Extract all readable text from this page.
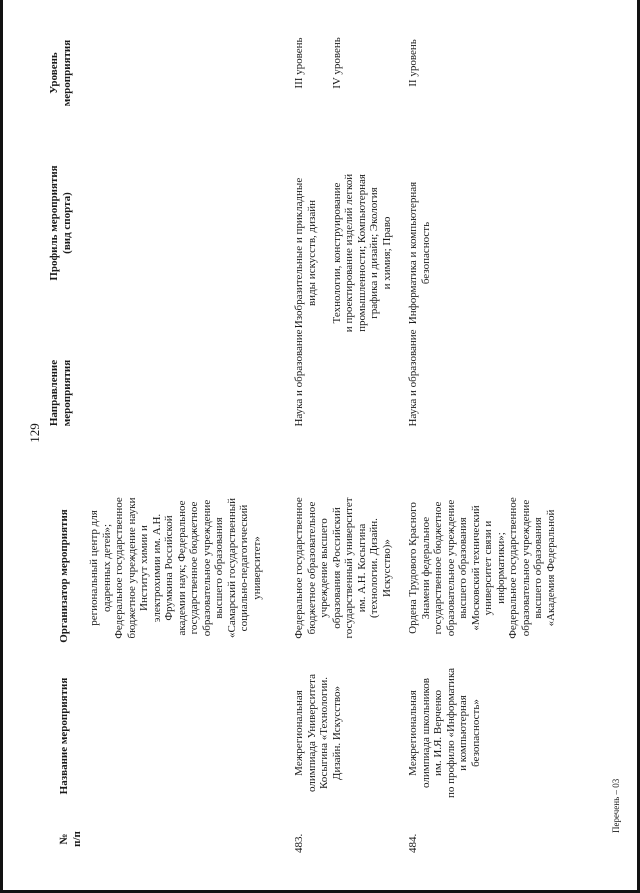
129
№
п/п
Название мероприятия
Организатор мероприятия
Направление
мероприятия
Профиль мероприятия
(вид спорта)
Уровень
мероприятия
региональный центр для
одаренных детей»;
Федеральное государственное
бюджетное учреждение науки
Институт химии и
электрохимии им. А.Н.
Фрумкина Российской
академии наук; Федеральное
государственное бюджетное
образовательное учреждение
высшего образования
«Самарский государственный
социально-педагогический
университет»
483.
Межрегиональная
олимпиада Университета
Косыгина «Технологии.
Дизайн. Искусство»
Федеральное государственное
бюджетное образовательное
учреждение высшего
образования «Российский
государственный университет
им. А.Н. Косыгина
(технологии. Дизайн.
Искусство)»
Наука и образование
Изобразительные и прикладные
виды искусств, дизайн

Технологии, конструирование
и проектирование изделий легкой
промышленности; Компьютерная
графика и дизайн; Экология
и химия; Право
III уровень

IV уровень
484.
Межрегиональная
олимпиада школьников
им. И.Я. Верченко
по профилю «Информатика
и компьютерная
безопасность»
Ордена Трудового Красного
Знамени федеральное
государственное бюджетное
образовательное учреждение
высшего образования
«Московский технический
университет связи и
информатики»;
Федеральное государственное
образовательное учреждение
высшего образования
«Академия Федеральной
Наука и образование
Информатика и компьютерная
безопасность
II уровень
Перечень – 03
